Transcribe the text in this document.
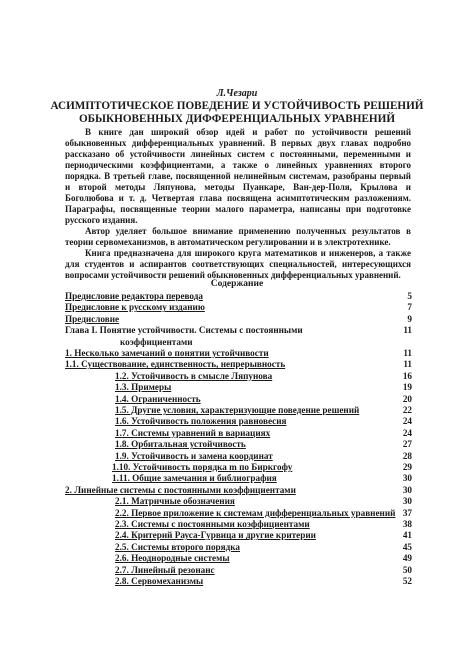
Л.Чезари
АСИМПТОТИЧЕСКОЕ ПОВЕДЕНИЕ И УСТОЙЧИВОСТЬ РЕШЕНИЙ
ОБЫКНОВЕННЫХ ДИФФЕРЕНЦИАЛЬНЫХ УРАВНЕНИЙ

В книге дан широкий обзор идей и работ по устойчивости решений обыкновенных дифференциальных уравнений. В первых двух главах подробно рассказано об устойчивости линейных систем с постоянными, переменными и периодическими коэффициентами, а также о линейных уравнениях второго порядка. В третьей главе, посвященной нелинейным системам, разобраны первый и второй методы Ляпунова, методы Пуанкаре, Ван-дер-Поля, Крылова и Боголюбова и т. д. Четвертая глава посвящена асимптотическим разложениям. Параграфы, посвященные теории малого параметра, написаны при подготовке русского издания.

Автор уделяет большое внимание применению полученных результатов в теории сервомеханизмов, в автоматическом регулировании и в электротехнике.

Книга предназначена для широкого круга математиков и инженеров, а также для студентов и аспирантов соответствующих специальностей, интересующихся вопросами устойчивости решений обыкновенных дифференциальных уравнений.

Содержание
Предисловие редактора перевода	5
Предисловие к русскому изданию	7
Предисловие	9
Глава I. Понятие устойчивости. Системы с постоянными	11
коэффициентами
1. Несколько замечаний о понятии устойчивости	11
1.1. Существование, единственность, непрерывность	11
1.2. Устойчивость в смысле Ляпунова	16
1.3. Примеры	19
1.4. Ограниченность	20
1.5. Другие условия, характеризующие поведение решений	22
1.6. Устойчивость положения равновесия	24
1.7. Системы уравнений в вариациях	24
1.8. Орбитальная устойчивость	27
1.9. Устойчивость и замена координат	28
1.10. Устойчивость порядка m по Биркгофу	29
1.11. Общие замечания и библиография	30
2. Линейные системы с постоянными коэффициентами	30
2.1. Матричные обозначения	30
2.2. Первое приложение к системам дифференциальных уравнений 37
2.3. Системы с постоянными коэффициентами	38
2.4. Критерий Рауса-Гурвица и другие критерии	41
2.5. Системы второго порядка	45
2.6. Неоднородные системы	49
2.7. Линейный резонанс	50
2.8. Сервомеханизмы	52
